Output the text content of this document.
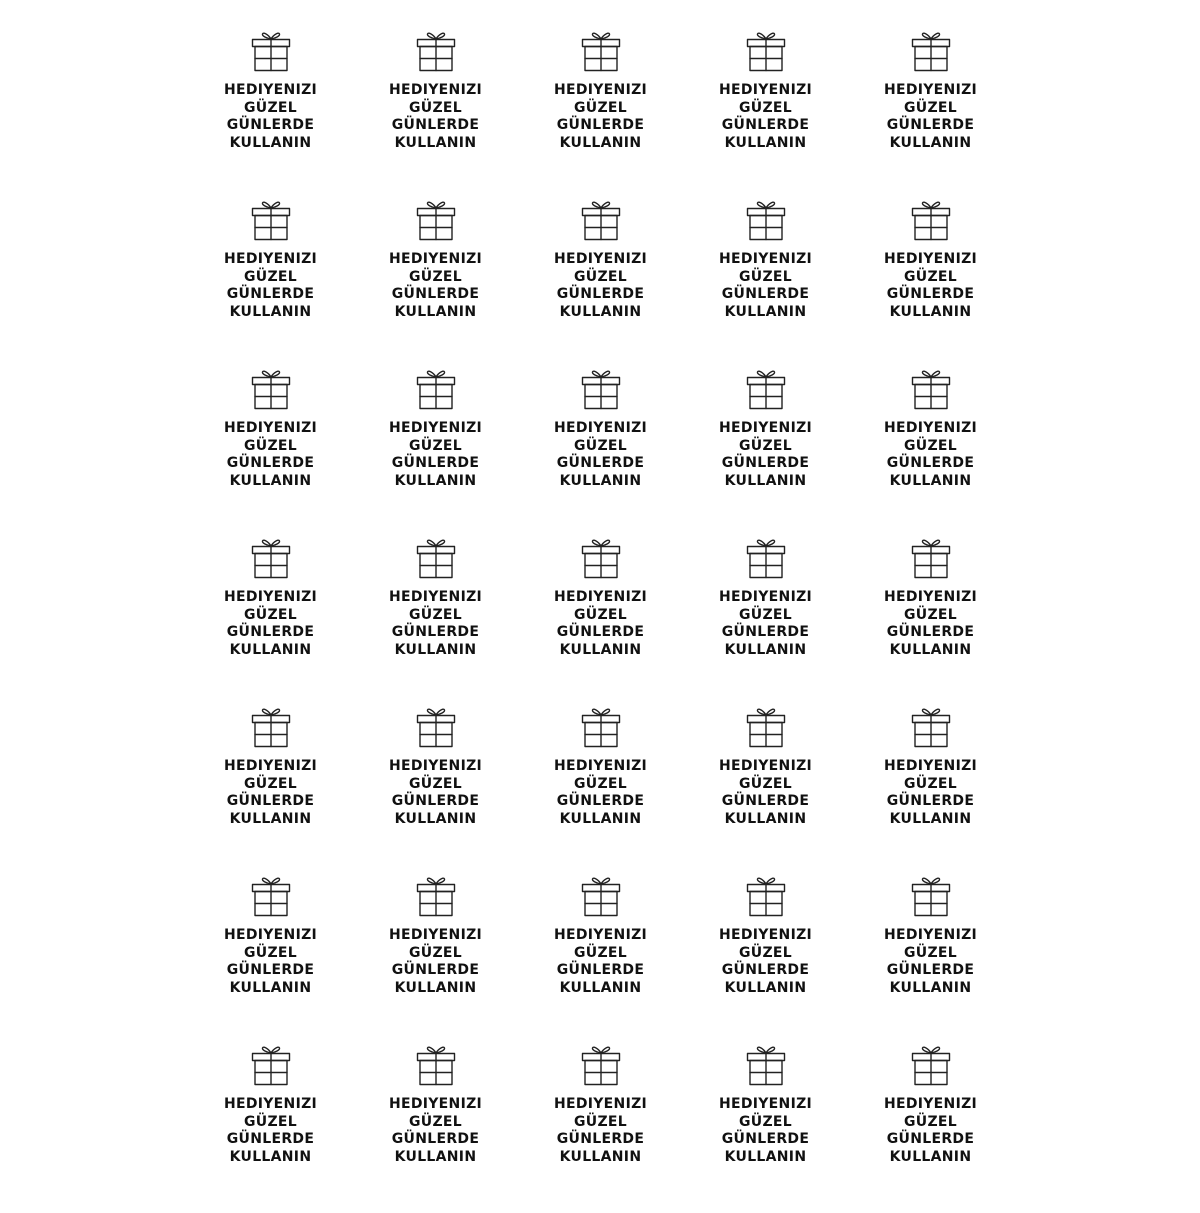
HEDIYENIZI
GÜZEL
GÜNLERDE
KULLANIN
HEDIYENIZI
GÜZEL
GÜNLERDE
KULLANIN
HEDIYENIZI
GÜZEL
GÜNLERDE
KULLANIN
HEDIYENIZI
GÜZEL
GÜNLERDE
KULLANIN
HEDIYENIZI
GÜZEL
GÜNLERDE
KULLANIN
HEDIYENIZI
GÜZEL
GÜNLERDE
KULLANIN
HEDIYENIZI
GÜZEL
GÜNLERDE
KULLANIN
HEDIYENIZI
GÜZEL
GÜNLERDE
KULLANIN
HEDIYENIZI
GÜZEL
GÜNLERDE
KULLANIN
HEDIYENIZI
GÜZEL
GÜNLERDE
KULLANIN
HEDIYENIZI
GÜZEL
GÜNLERDE
KULLANIN
HEDIYENIZI
GÜZEL
GÜNLERDE
KULLANIN
HEDIYENIZI
GÜZEL
GÜNLERDE
KULLANIN
HEDIYENIZI
GÜZEL
GÜNLERDE
KULLANIN
HEDIYENIZI
GÜZEL
GÜNLERDE
KULLANIN
HEDIYENIZI
GÜZEL
GÜNLERDE
KULLANIN
HEDIYENIZI
GÜZEL
GÜNLERDE
KULLANIN
HEDIYENIZI
GÜZEL
GÜNLERDE
KULLANIN
HEDIYENIZI
GÜZEL
GÜNLERDE
KULLANIN
HEDIYENIZI
GÜZEL
GÜNLERDE
KULLANIN
HEDIYENIZI
GÜZEL
GÜNLERDE
KULLANIN
HEDIYENIZI
GÜZEL
GÜNLERDE
KULLANIN
HEDIYENIZI
GÜZEL
GÜNLERDE
KULLANIN
HEDIYENIZI
GÜZEL
GÜNLERDE
KULLANIN
HEDIYENIZI
GÜZEL
GÜNLERDE
KULLANIN
HEDIYENIZI
GÜZEL
GÜNLERDE
KULLANIN
HEDIYENIZI
GÜZEL
GÜNLERDE
KULLANIN
HEDIYENIZI
GÜZEL
GÜNLERDE
KULLANIN
HEDIYENIZI
GÜZEL
GÜNLERDE
KULLANIN
HEDIYENIZI
GÜZEL
GÜNLERDE
KULLANIN
HEDIYENIZI
GÜZEL
GÜNLERDE
KULLANIN
HEDIYENIZI
GÜZEL
GÜNLERDE
KULLANIN
HEDIYENIZI
GÜZEL
GÜNLERDE
KULLANIN
HEDIYENIZI
GÜZEL
GÜNLERDE
KULLANIN
HEDIYENIZI
GÜZEL
GÜNLERDE
KULLANIN
